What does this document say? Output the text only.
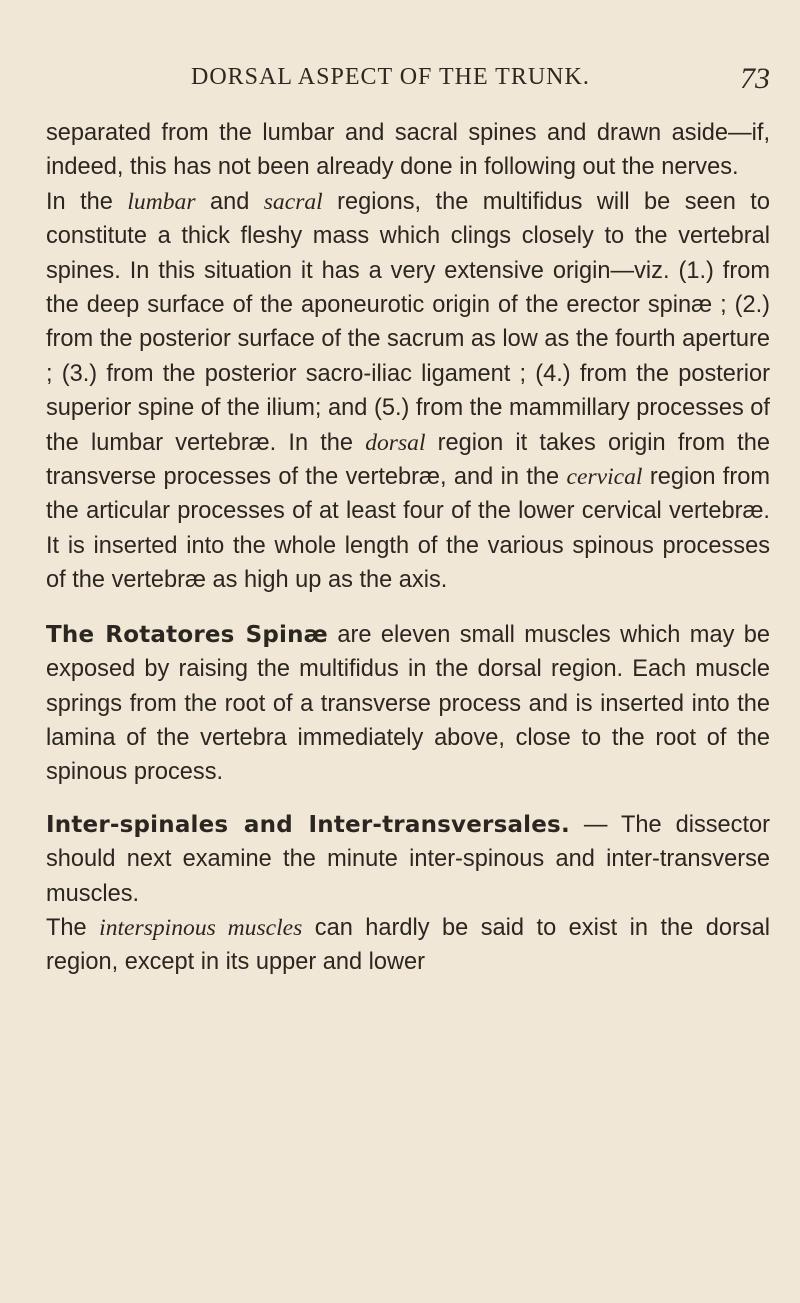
DORSAL ASPECT OF THE TRUNK.	73

separated from the lumbar and sacral spines and drawn aside—if, indeed, this has not been already done in following out the nerves.

In the lumbar and sacral regions, the multifidus will be seen to constitute a thick fleshy mass which clings closely to the vertebral spines. In this situation it has a very extensive origin—viz. (1.) from the deep surface of the aponeurotic origin of the erector spinæ ; (2.) from the posterior surface of the sacrum as low as the fourth aperture ; (3.) from the posterior sacro-iliac ligament ; (4.) from the posterior superior spine of the ilium; and (5.) from the mammillary processes of the lumbar vertebræ. In the dorsal region it takes origin from the transverse processes of the vertebræ, and in the cervical region from the articular processes of at least four of the lower cervical vertebræ. It is inserted into the whole length of the various spinous processes of the vertebræ as high up as the axis.

The Rotatores Spinæ are eleven small muscles which may be exposed by raising the multifidus in the dorsal region. Each muscle springs from the root of a transverse process and is inserted into the lamina of the vertebra immediately above, close to the root of the spinous process.

Inter-spinales and Inter-transversales. — The dissector should next examine the minute inter-spinous and inter-transverse muscles.

The interspinous muscles can hardly be said to exist in the dorsal region, except in its upper and lower
